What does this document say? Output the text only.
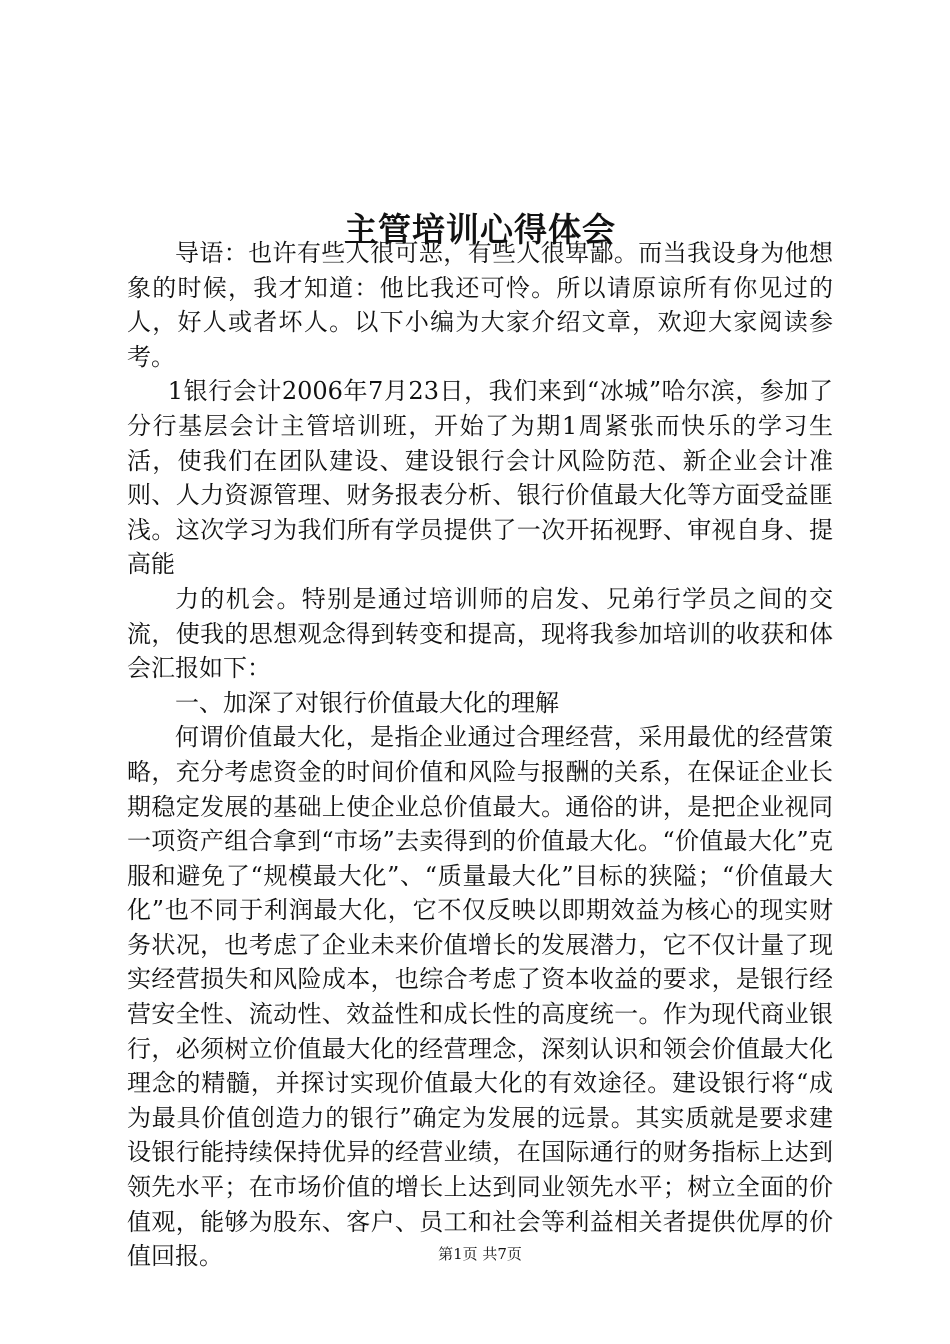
主管培训心得体会

导语：也许有些人很可恶，有些人很卑鄙。而当我设身为他想象的时候，我才知道：他比我还可怜。所以请原谅所有你见过的人，好人或者坏人。以下小编为大家介绍文章，欢迎大家阅读参考。

1银行会计2006年7月23日，我们来到“冰城”哈尔滨，参加了分行基层会计主管培训班，开始了为期1周紧张而快乐的学习生活，使我们在团队建设、建设银行会计风险防范、新企业会计准则、人力资源管理、财务报表分析、银行价值最大化等方面受益匪浅。这次学习为我们所有学员提供了一次开拓视野、审视自身、提高能

力的机会。特别是通过培训师的启发、兄弟行学员之间的交流，使我的思想观念得到转变和提高，现将我参加培训的收获和体会汇报如下：

一、加深了对银行价值最大化的理解

何谓价值最大化，是指企业通过合理经营，采用最优的经营策略，充分考虑资金的时间价值和风险与报酬的关系，在保证企业长期稳定发展的基础上使企业总价值最大。通俗的讲，是把企业视同一项资产组合拿到“市场”去卖得到的价值最大化。“价值最大化”克服和避免了“规模最大化”、“质量最大化”目标的狭隘；“价值最大化”也不同于利润最大化，它不仅反映以即期效益为核心的现实财务状况，也考虑了企业未来价值增长的发展潜力，它不仅计量了现实经营损失和风险成本，也综合考虑了资本收益的要求，是银行经营安全性、流动性、效益性和成长性的高度统一。作为现代商业银行，必须树立价值最大化的经营理念，深刻认识和领会价值最大化理念的精髓，并探讨实现价值最大化的有效途径。建设银行将“成为最具价值创造力的银行”确定为发展的远景。其实质就是要求建设银行能持续保持优异的经营业绩，在国际通行的财务指标上达到领先水平；在市场价值的增长上达到同业领先水平；树立全面的价值观，能够为股东、客户、员工和社会等利益相关者提供优厚的价值回报。	第1页 共7页
